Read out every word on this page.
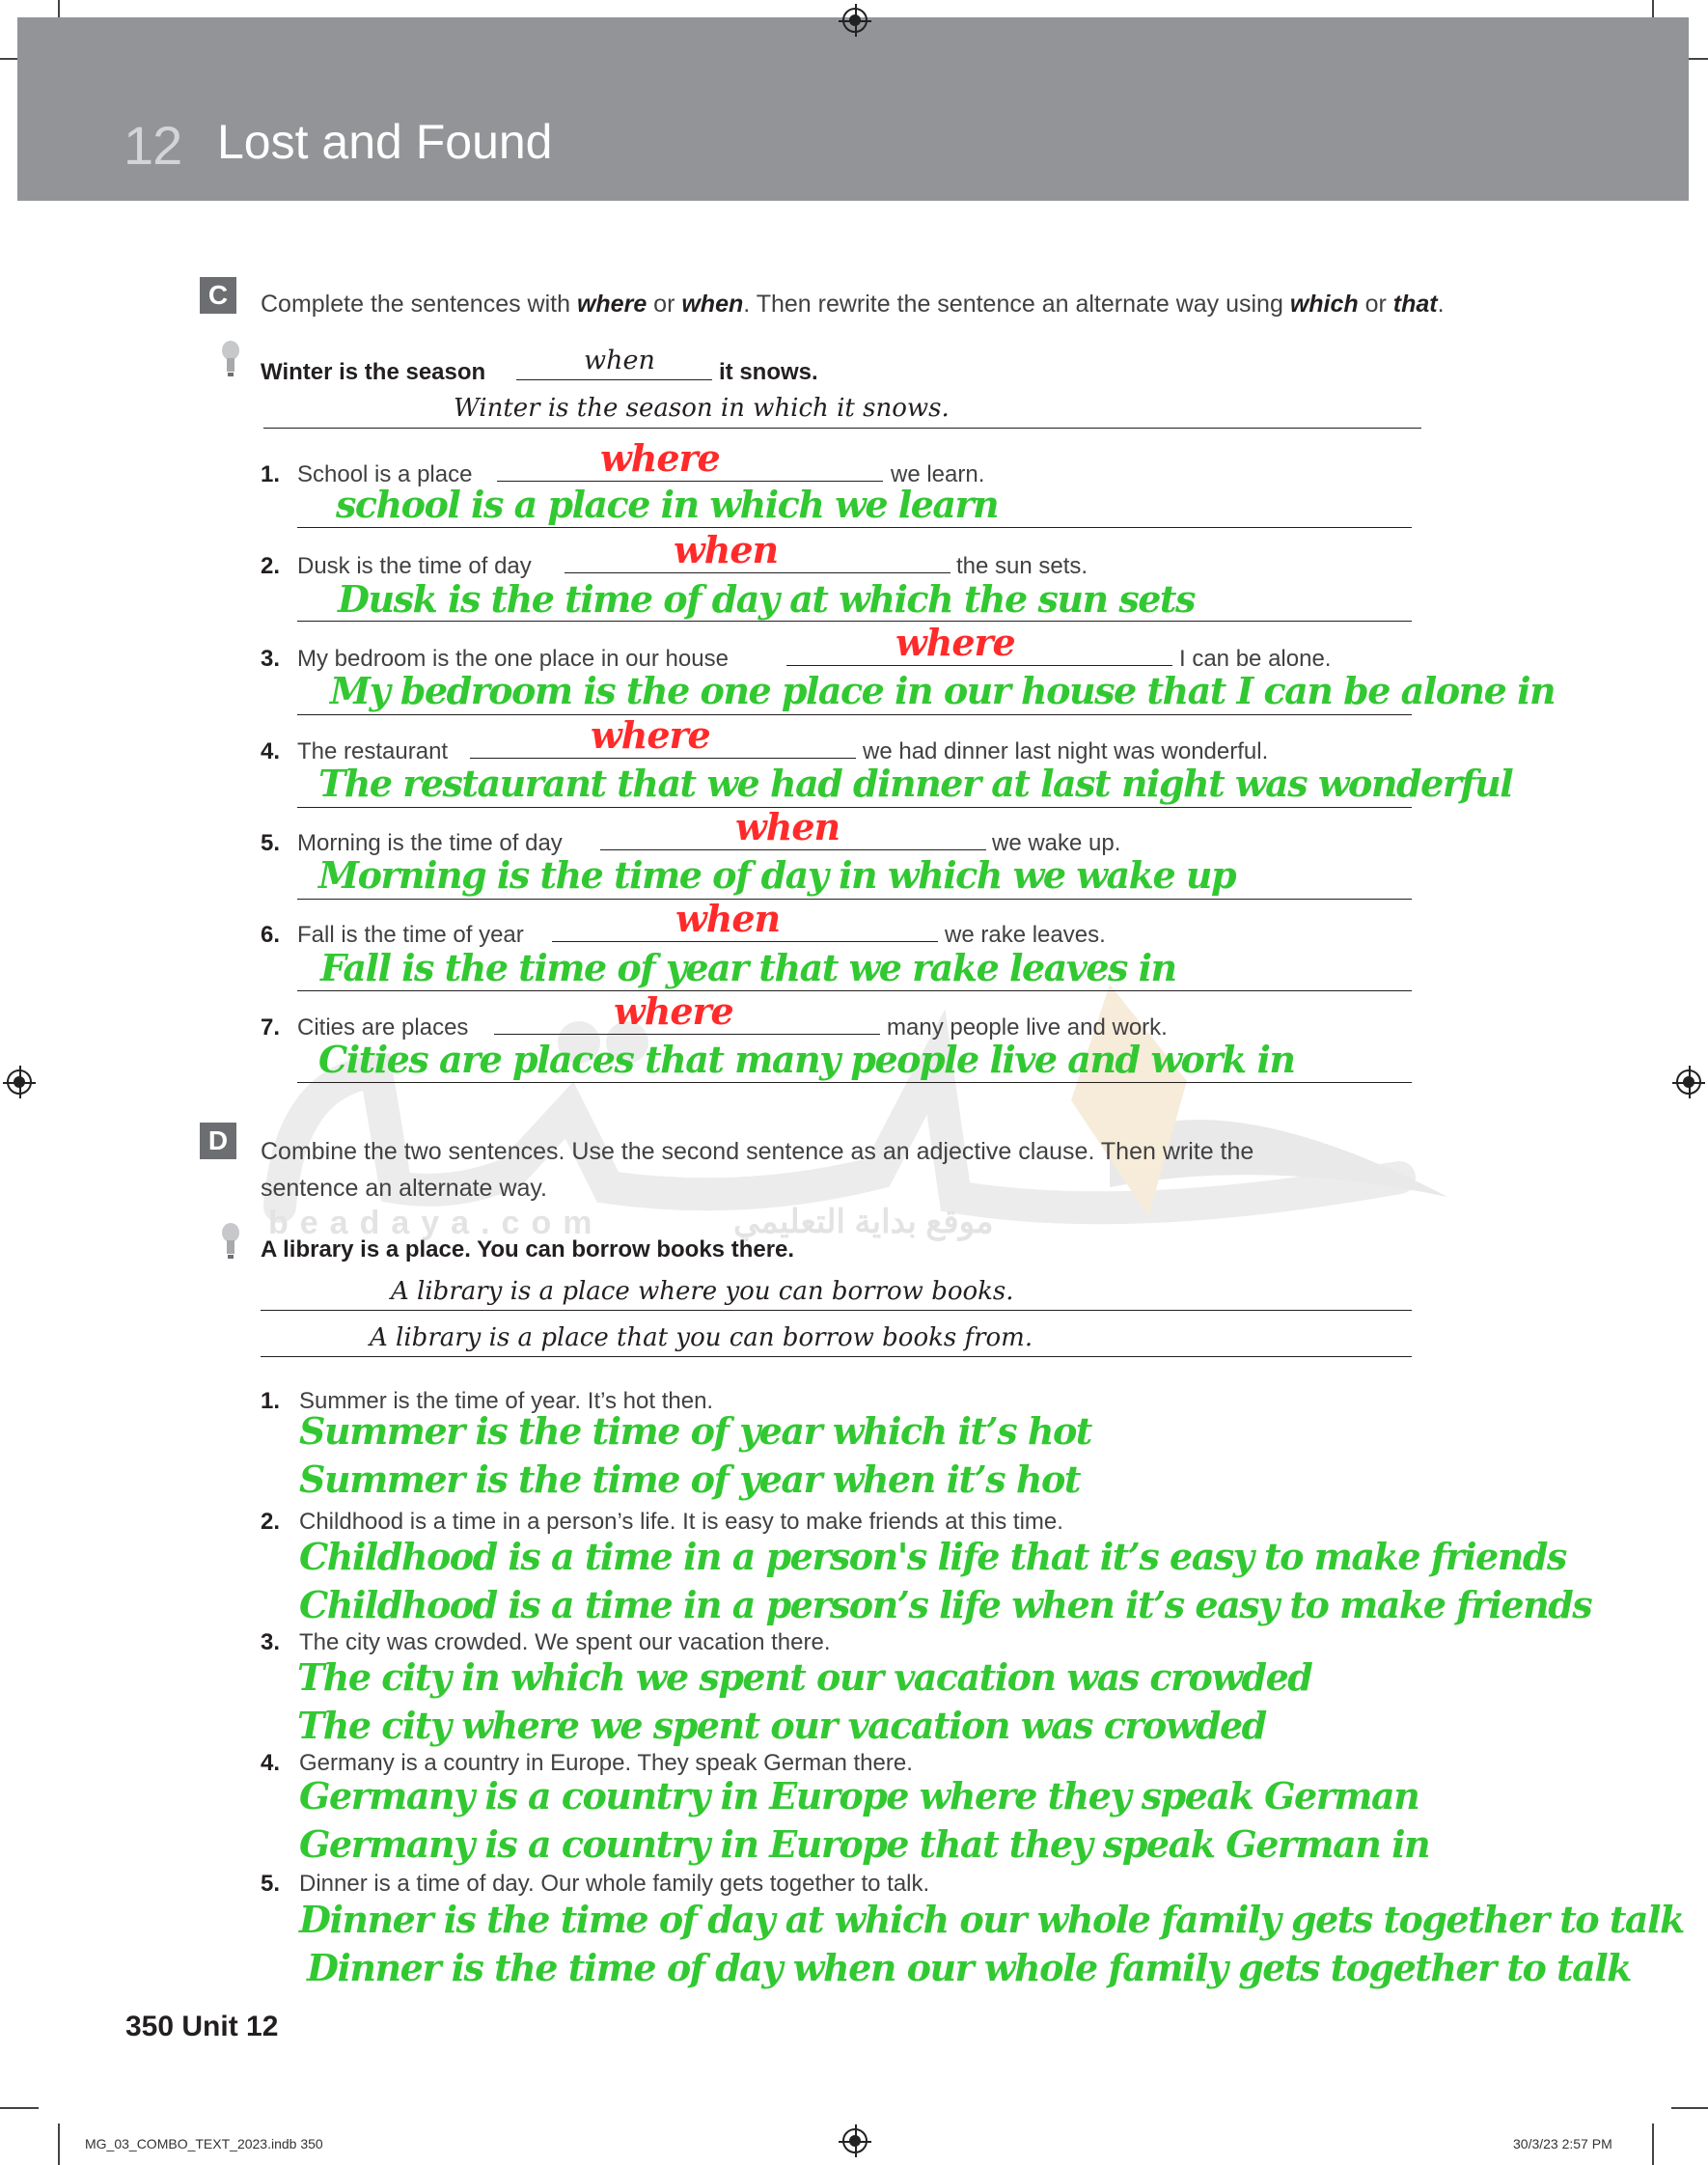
12 Lost and Found
beadaya.com	موقع بداية التعليمي
C	Complete the sentences with where or when. Then rewrite the sentence an alternate way using which or that.
Winter is the season	when	it snows.
Winter is the season in which it snows.
1. School is a place	where	we learn.
school is a place in which we learn
2. Dusk is the time of day	when	the sun sets.
Dusk is the time of day at which the sun sets
3. My bedroom is the one place in our house	where	I can be alone.
My bedroom is the one place in our house that I can be alone in
4. The restaurant	where	we had dinner last night was wonderful.
The restaurant that we had dinner at last night was wonderful
5. Morning is the time of day	when	we wake up.
Morning is the time of day in which we wake up
6. Fall is the time of year	when	we rake leaves.
Fall is the time of year that we rake leaves in
7. Cities are places	where	many people live and work.
Cities are places that many people live and work in
D	Combine the two sentences. Use the second sentence as an adjective clause. Then write the
sentence an alternate way.
A library is a place. You can borrow books there.
A library is a place where you can borrow books.
A library is a place that you can borrow books from.
1. Summer is the time of year. It’s hot then.
Summer is the time of year which it’s hot
Summer is the time of year when it’s hot
2. Childhood is a time in a person’s life. It is easy to make friends at this time.
Childhood is a time in a person's life that it’s easy to make friends
Childhood is a time in a person’s life when it’s easy to make friends
3. The city was crowded. We spent our vacation there.
The city in which we spent our vacation was crowded
The city where we spent our vacation was crowded
4. Germany is a country in Europe. They speak German there.
Germany is a country in Europe where they speak German
Germany is a country in Europe that they speak German in
5. Dinner is a time of day. Our whole family gets together to talk.
Dinner is the time of day at which our whole family gets together to talk
Dinner is the time of day when our whole family gets together to talk
350 Unit 12
MG_03_COMBO_TEXT_2023.indb 350	30/3/23 2:57 PM
